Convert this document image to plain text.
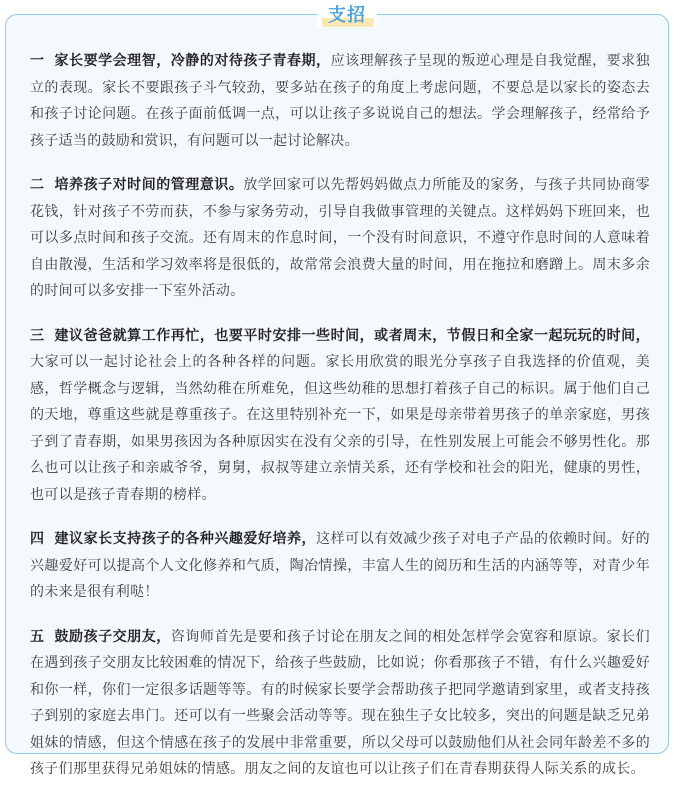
支招

一 家长要学会理智，冷静的对待孩子青春期，应该理解孩子呈现的叛逆心理是自我觉醒，要求独立的表现。家长不要跟孩子斗气较劲，要多站在孩子的角度上考虑问题，不要总是以家长的姿态去和孩子讨论问题。在孩子面前低调一点，可以让孩子多说说自己的想法。学会理解孩子，经常给予孩子适当的鼓励和赏识，有问题可以一起讨论解决。

二 培养孩子对时间的管理意识。放学回家可以先帮妈妈做点力所能及的家务，与孩子共同协商零花钱，针对孩子不劳而获，不参与家务劳动，引导自我做事管理的关键点。这样妈妈下班回来，也可以多点时间和孩子交流。还有周末的作息时间，一个没有时间意识，不遵守作息时间的人意味着自由散漫，生活和学习效率将是很低的，故常常会浪费大量的时间，用在拖拉和磨蹭上。周末多余的时间可以多安排一下室外活动。

三 建议爸爸就算工作再忙，也要平时安排一些时间，或者周末，节假日和全家一起玩玩的时间，大家可以一起讨论社会上的各种各样的问题。家长用欣赏的眼光分享孩子自我选择的价值观，美感，哲学概念与逻辑，当然幼稚在所难免，但这些幼稚的思想打着孩子自己的标识。属于他们自己的天地，尊重这些就是尊重孩子。在这里特别补充一下，如果是母亲带着男孩子的单亲家庭，男孩子到了青春期，如果男孩因为各种原因实在没有父亲的引导，在性别发展上可能会不够男性化。那么也可以让孩子和亲戚爷爷，舅舅，叔叔等建立亲情关系，还有学校和社会的阳光，健康的男性，也可以是孩子青春期的榜样。

四 建议家长支持孩子的各种兴趣爱好培养，这样可以有效减少孩子对电子产品的依赖时间。好的兴趣爱好可以提高个人文化修养和气质，陶冶情操，丰富人生的阅历和生活的内涵等等，对青少年的未来是很有利哒！

五 鼓励孩子交朋友，咨询师首先是要和孩子讨论在朋友之间的相处怎样学会宽容和原谅。家长们在遇到孩子交朋友比较困难的情况下，给孩子些鼓励，比如说；你看那孩子不错，有什么兴趣爱好和你一样，你们一定很多话题等等。有的时候家长要学会帮助孩子把同学邀请到家里，或者支持孩子到别的家庭去串门。还可以有一些聚会活动等等。现在独生子女比较多，突出的问题是缺乏兄弟姐妹的情感，但这个情感在孩子的发展中非常重要，所以父母可以鼓励他们从社会同年龄差不多的孩子们那里获得兄弟姐妹的情感。朋友之间的友谊也可以让孩子们在青春期获得人际关系的成长。
